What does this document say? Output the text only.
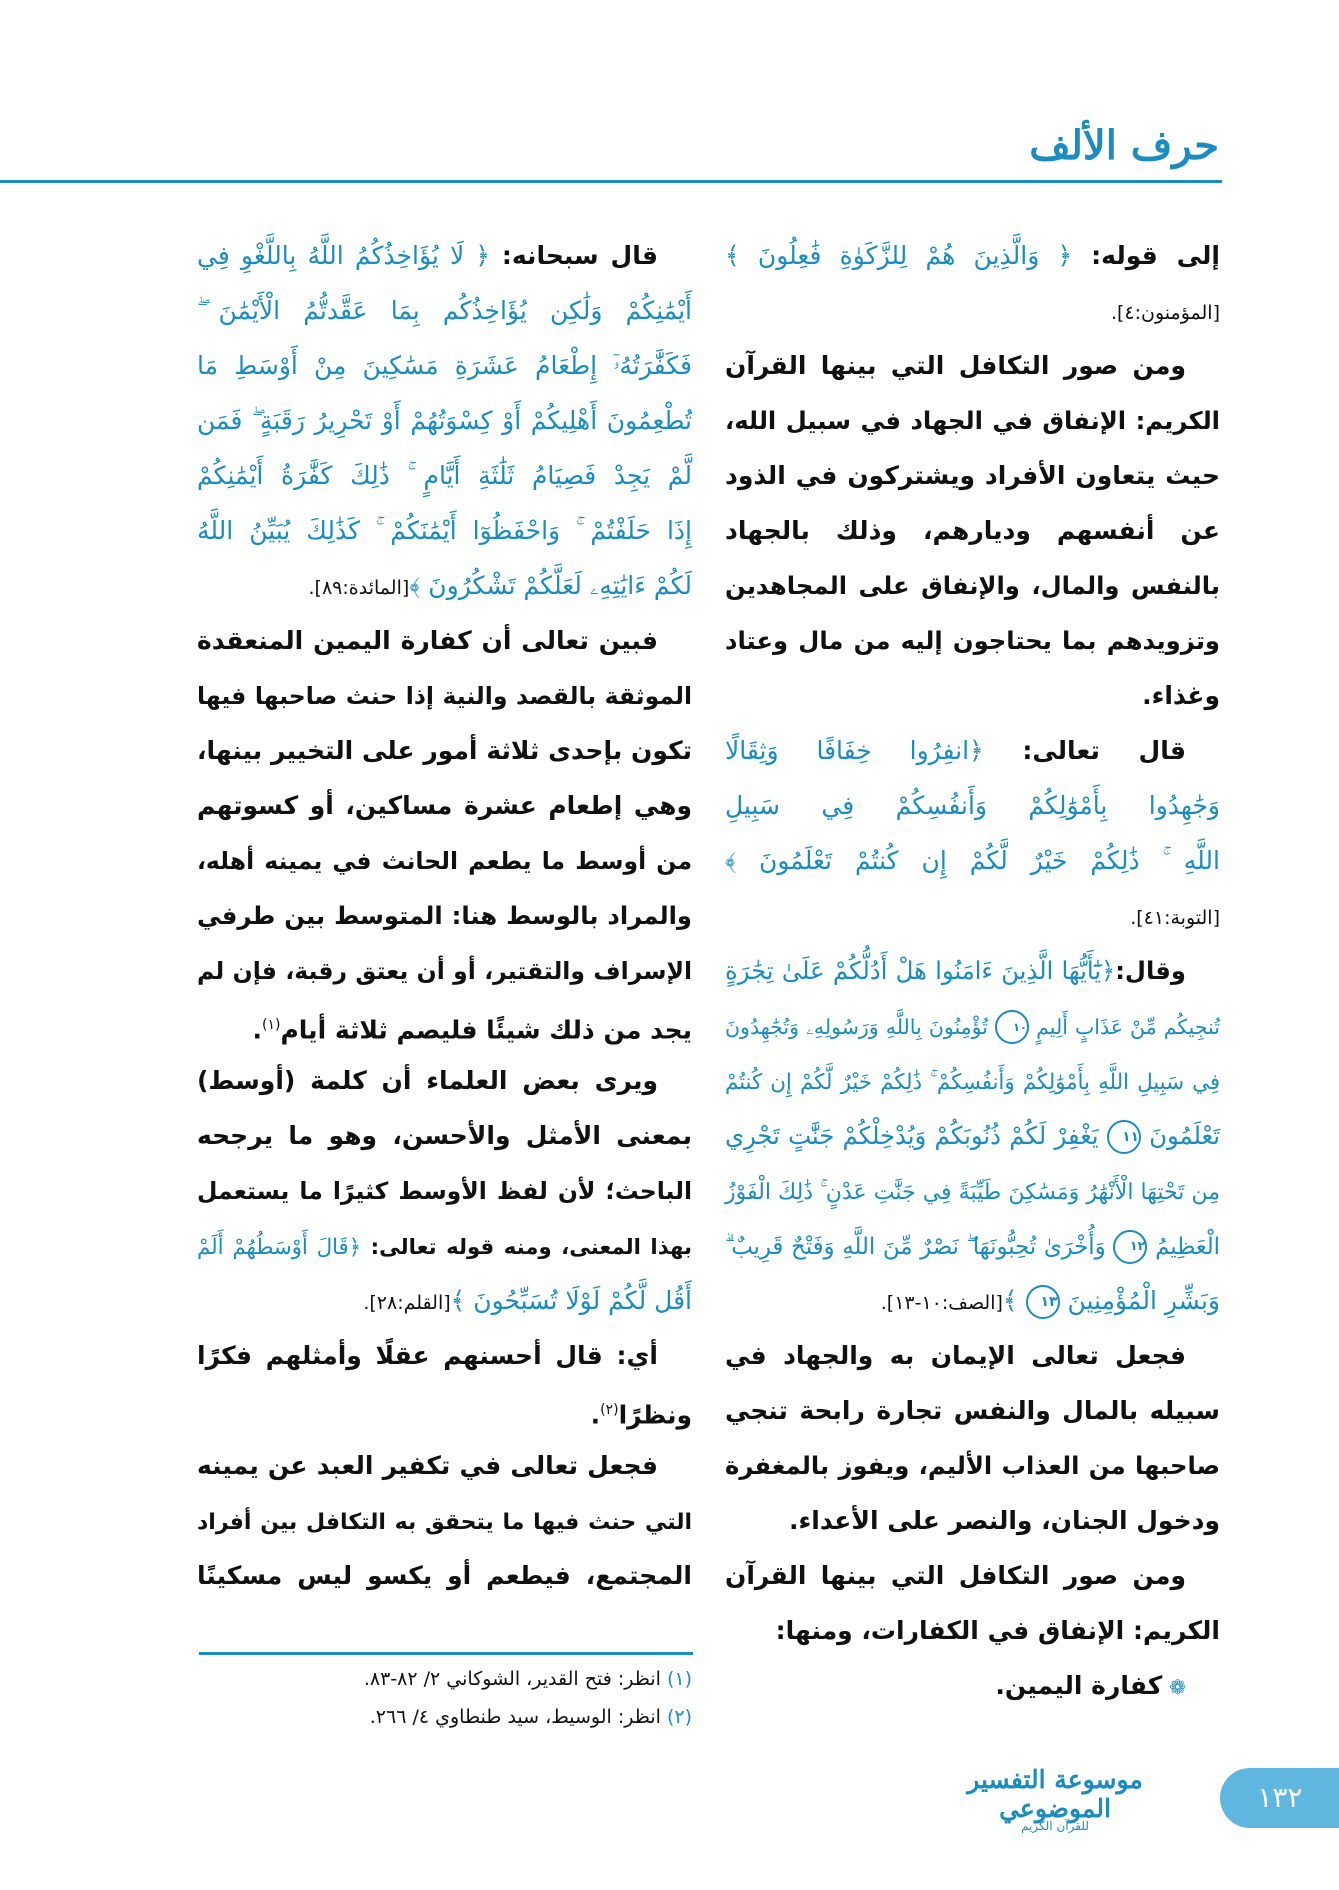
حرف الألف
إلى قوله: ﴿ وَالَّذِينَ هُمْ لِلزَّكَوٰةِ فَٰعِلُونَ ﴾
[المؤمنون:٤].
ومن صور التكافل التي بينها القرآن
الكريم: الإنفاق في الجهاد في سبيل الله،
حيث يتعاون الأفراد ويشتركون في الذود
عن أنفسهم وديارهم، وذلك بالجهاد
بالنفس والمال، والإنفاق على المجاهدين
وتزويدهم بما يحتاجون إليه من مال وعتاد
وغذاء.
قال تعالى: ﴿انفِرُوا خِفَافًا وَثِقَالًا
وَجَٰهِدُوا بِأَمْوَٰلِكُمْ وَأَنفُسِكُمْ فِي سَبِيلِ
اللَّهِ ۚ ذَٰلِكُمْ خَيْرٌ لَّكُمْ إِن كُنتُمْ تَعْلَمُونَ ﴾
[التوبة:٤١].
وقال:﴿يَٰٓأَيُّهَا الَّذِينَ ءَامَنُوا هَلْ أَدُلُّكُمْ عَلَىٰ تِجَٰرَةٍ
تُنجِيكُم مِّنْ عَذَابٍ أَلِيمٍ ١٠ تُؤْمِنُونَ بِاللَّهِ وَرَسُولِهِۦ وَتُجَٰهِدُونَ
فِي سَبِيلِ اللَّهِ بِأَمْوَٰلِكُمْ وَأَنفُسِكُمْ ۚ ذَٰلِكُمْ خَيْرٌ لَّكُمْ إِن كُنتُمْ
تَعْلَمُونَ ١١ يَغْفِرْ لَكُمْ ذُنُوبَكُمْ وَيُدْخِلْكُمْ جَنَّٰتٍ تَجْرِي
مِن تَحْتِهَا الْأَنْهَٰرُ وَمَسَٰكِنَ طَيِّبَةً فِي جَنَّٰتِ عَدْنٍ ۚ ذَٰلِكَ الْفَوْزُ
الْعَظِيمُ ١٢ وَأُخْرَىٰ تُحِبُّونَهَا ۖ نَصْرٌ مِّنَ اللَّهِ وَفَتْحٌ قَرِيبٌ ۗ
وَبَشِّرِ الْمُؤْمِنِينَ ١٣ ﴾[الصف:١٠-١٣].
فجعل تعالى الإيمان به والجهاد في
سبيله بالمال والنفس تجارة رابحة تنجي
صاحبها من العذاب الأليم، ويفوز بالمغفرة
ودخول الجنان، والنصر على الأعداء.
ومن صور التكافل التي بينها القرآن
الكريم: الإنفاق في الكفارات، ومنها:
❁ كفارة اليمين.
قال سبحانه: ﴿ لَا يُؤَاخِذُكُمُ اللَّهُ بِاللَّغْوِ فِي
أَيْمَٰنِكُمْ وَلَٰكِن يُؤَاخِذُكُم بِمَا عَقَّدتُّمُ الْأَيْمَٰنَ ۖ
فَكَفَّٰرَتُهُۥٓ إِطْعَامُ عَشَرَةِ مَسَٰكِينَ مِنْ أَوْسَطِ مَا
تُطْعِمُونَ أَهْلِيكُمْ أَوْ كِسْوَتُهُمْ أَوْ تَحْرِيرُ رَقَبَةٍ ۖ فَمَن
لَّمْ يَجِدْ فَصِيَامُ ثَلَٰثَةِ أَيَّامٍ ۚ ذَٰلِكَ كَفَّٰرَةُ أَيْمَٰنِكُمْ
إِذَا حَلَفْتُمْ ۚ وَاحْفَظُوٓا أَيْمَٰنَكُمْ ۚ كَذَٰلِكَ يُبَيِّنُ اللَّهُ
لَكُمْ ءَايَٰتِهِۦ لَعَلَّكُمْ تَشْكُرُونَ ﴾[المائدة:٨٩].
فبين تعالى أن كفارة اليمين المنعقدة
الموثقة بالقصد والنية إذا حنث صاحبها فيها
تكون بإحدى ثلاثة أمور على التخيير بينها،
وهي إطعام عشرة مساكين، أو كسوتهم
من أوسط ما يطعم الحانث في يمينه أهله،
والمراد بالوسط هنا: المتوسط بين طرفي
الإسراف والتقتير، أو أن يعتق رقبة، فإن لم
يجد من ذلك شيئًا فليصم ثلاثة أيام$^{(١)}$.
ويرى بعض العلماء أن كلمة (أوسط)
بمعنى الأمثل والأحسن، وهو ما يرجحه
الباحث؛ لأن لفظ الأوسط كثيرًا ما يستعمل
بهذا المعنى، ومنه قوله تعالى: ﴿قَالَ أَوْسَطُهُمْ أَلَمْ
أَقُل لَّكُمْ لَوْلَا تُسَبِّحُونَ ﴾[القلم:٢٨].
أي: قال أحسنهم عقلًا وأمثلهم فكرًا
ونظرًا$^{(٢)}$.
فجعل تعالى في تكفير العبد عن يمينه
التي حنث فيها ما يتحقق به التكافل بين أفراد
المجتمع، فيطعم أو يكسو ليس مسكينًا
(١) انظر: فتح القدير، الشوكاني ٢/ ٨٢-٨٣.
(٢) انظر: الوسيط، سيد طنطاوي ٤/ ٢٦٦.
موسوعة التفسير الموضوعي
للقرآن الكريم
١٣٢
